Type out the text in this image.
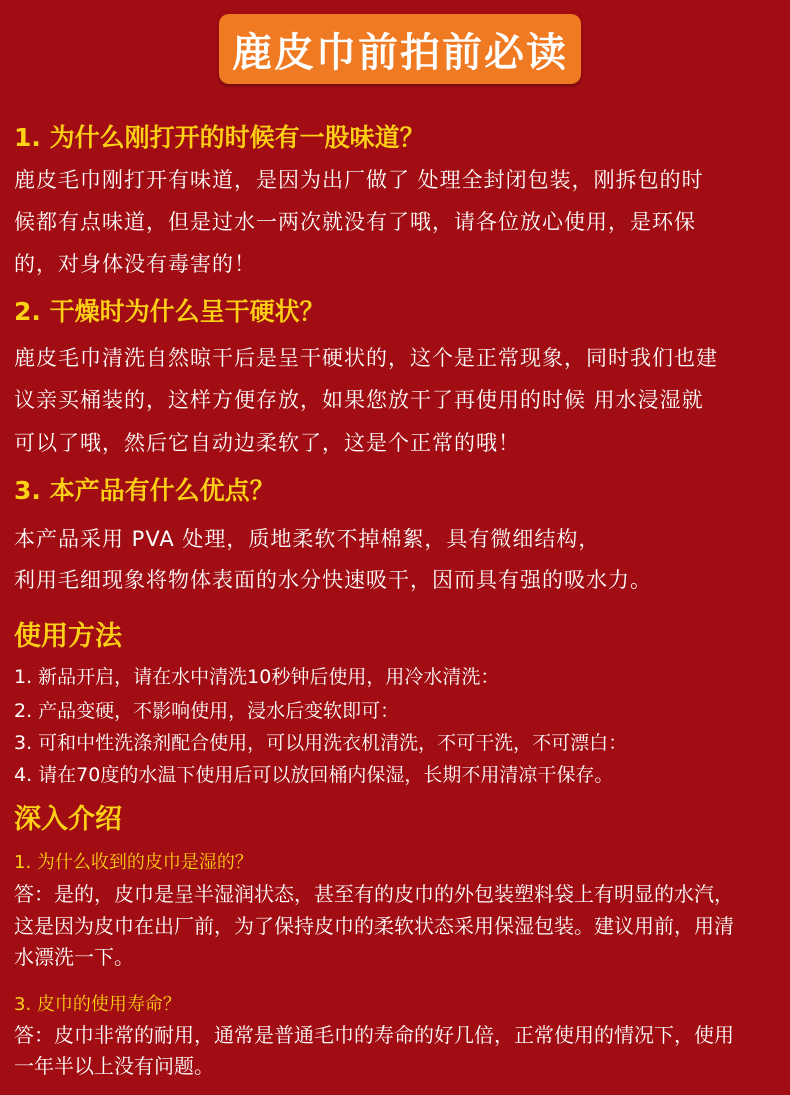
鹿皮巾前拍前必读
1. 为什么刚打开的时候有一股味道？
鹿皮毛巾刚打开有味道，是因为出厂做了 处理全封闭包装，刚拆包的时
候都有点味道，但是过水一两次就没有了哦，请各位放心使用，是环保
的，对身体没有毒害的！
2. 干燥时为什么呈干硬状？
鹿皮毛巾清洗自然晾干后是呈干硬状的，这个是正常现象，同时我们也建
议亲买桶装的，这样方便存放，如果您放干了再使用的时候 用水浸湿就
可以了哦，然后它自动边柔软了，这是个正常的哦！
3. 本产品有什么优点？
本产品采用 PVA 处理，质地柔软不掉棉絮，具有微细结构，
利用毛细现象将物体表面的水分快速吸干，因而具有强的吸水力。
使用方法
1. 新品开启，请在水中清洗10秒钟后使用，用冷水清洗：
2. 产品变硬，不影响使用，浸水后变软即可：
3. 可和中性洗涤剂配合使用，可以用洗衣机清洗，不可干洗，不可漂白：
4. 请在70度的水温下使用后可以放回桶内保湿，长期不用清凉干保存。
深入介绍
1. 为什么收到的皮巾是湿的？
答：是的，皮巾是呈半湿润状态，甚至有的皮巾的外包装塑料袋上有明显的水汽，
这是因为皮巾在出厂前，为了保持皮巾的柔软状态采用保湿包装。建议用前，用清
水漂洗一下。
3. 皮巾的使用寿命？
答：皮巾非常的耐用，通常是普通毛巾的寿命的好几倍，正常使用的情况下，使用
一年半以上没有问题。
